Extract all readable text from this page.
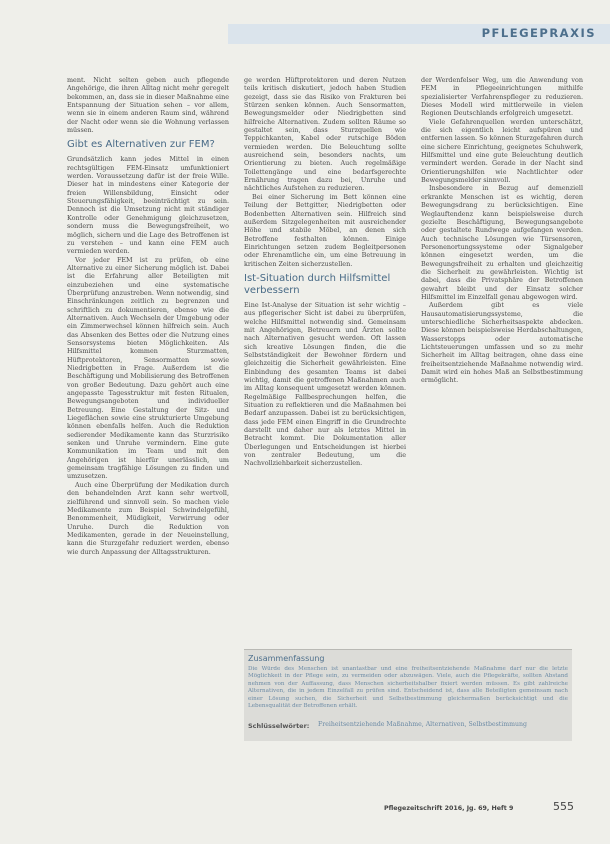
PFLEGEPRAXIS

ment. Nicht selten geben auch pflegende Angehörige, die ihren Alltag nicht mehr geregelt bekommen, an, dass sie in dieser Maßnahme eine Entspannung der Situation sehen – vor allem, wenn sie in einem anderen Raum sind, während der Nacht oder wenn sie die Wohnung verlassen müssen.

Gibt es Alternativen zur FEM?

Grundsätzlich kann jedes Mittel in einen rechtsgültigen FEM-Einsatz umfunktioniert werden. Voraussetzung dafür ist der freie Wille. Dieser hat in mindestens einer Kategorie der freien Willensbildung, Einsicht oder Steuerungsfähigkeit, beeinträchtigt zu sein. Dennoch ist die Umsetzung nicht mit ständiger Kontrolle oder Genehmigung gleichzusetzen, sondern muss die Bewegungsfreiheit, wo möglich, sichern und die Lage des Betroffenen ist zu verstehen – und kann eine FEM auch vermieden werden.

Vor jeder FEM ist zu prüfen, ob eine Alternative zu einer Sicherung möglich ist. Dabei ist die Erfahrung aller Beteiligten mit einzubeziehen und eine systematische Überprüfung anzustreben. Wenn notwendig, sind Einschränkungen zeitlich zu begrenzen und schriftlich zu dokumentieren, ebenso wie die Alternativen. Auch Wechseln der Umgebung oder ein Zimmerwechsel können hilfreich sein. Auch das Absenken des Bettes oder die Nutzung eines Sensorsystems bieten Möglichkeiten. Als Hilfsmittel kommen Sturzmatten, Hüftprotektoren, Sensormatten sowie Niedrigbetten in Frage. Außerdem ist die Beschäftigung und Mobilisierung des Betroffenen von großer Bedeutung. Dazu gehört auch eine angepasste Tagesstruktur mit festen Ritualen, Bewegungsangeboten und individueller Betreuung. Eine Gestaltung der Sitz- und Liegeflächen sowie eine strukturierte Umgebung können ebenfalls helfen. Auch die Reduktion sedierender Medikamente kann das Sturzrisiko senken und Unruhe vermindern. Eine gute Kommunikation im Team und mit den Angehörigen ist hierfür unerlässlich, um gemeinsam tragfähige Lösungen zu finden und umzusetzen.

Auch eine Überprüfung der Medikation durch den behandelnden Arzt kann sehr wertvoll, zielführend und sinnvoll sein. So machen viele Medikamente zum Beispiel Schwindelgefühl, Benommenheit, Müdigkeit, Verwirrung oder Unruhe. Durch die Reduktion von Medikamenten, gerade in der Neueinstellung, kann die Sturzgefahr reduziert werden, ebenso wie durch Anpassung der Alltagsstrukturen.

ge werden Hüftprotektoren und deren Nutzen teils kritisch diskutiert, jedoch haben Studien gezeigt, dass sie das Risiko von Frakturen bei Stürzen senken können. Auch Sensormatten, Bewegungsmelder oder Niedrigbetten sind hilfreiche Alternativen. Zudem sollten Räume so gestaltet sein, dass Sturzquellen wie Teppichkanten, Kabel oder rutschige Böden vermieden werden. Die Beleuchtung sollte ausreichend sein, besonders nachts, um Orientierung zu bieten. Auch regelmäßige Toilettengänge und eine bedarfsgerechte Ernährung tragen dazu bei, Unruhe und nächtliches Aufstehen zu reduzieren.

Bei einer Sicherung im Bett können eine Teilung der Bettgitter, Niedrigbetten oder Bodenbetten Alternativen sein. Hilfreich sind außerdem Sitzgelegenheiten mit ausreichender Höhe und stabile Möbel, an denen sich Betroffene festhalten können. Einige Einrichtungen setzen zudem Begleitpersonen oder Ehrenamtliche ein, um eine Betreuung in kritischen Zeiten sicherzustellen.

Ist-Situation durch Hilfsmittel verbessern

Eine Ist-Analyse der Situation ist sehr wichtig – aus pflegerischer Sicht ist dabei zu überprüfen, welche Hilfsmittel notwendig sind. Gemeinsam mit Angehörigen, Betreuern und Ärzten sollte nach Alternativen gesucht werden. Oft lassen sich kreative Lösungen finden, die die Selbstständigkeit der Bewohner fördern und gleichzeitig die Sicherheit gewährleisten. Eine Einbindung des gesamten Teams ist dabei wichtig, damit die getroffenen Maßnahmen auch im Alltag konsequent umgesetzt werden können. Regelmäßige Fallbesprechungen helfen, die Situation zu reflektieren und die Maßnahmen bei Bedarf anzupassen. Dabei ist zu berücksichtigen, dass jede FEM einen Eingriff in die Grundrechte darstellt und daher nur als letztes Mittel in Betracht kommt. Die Dokumentation aller Überlegungen und Entscheidungen ist hierbei von zentraler Bedeutung, um die Nachvollziehbarkeit sicherzustellen.

der Werdenfelser Weg, um die Anwendung von FEM in Pflegeeinrichtungen mithilfe spezialisierter Verfahrenspfleger zu reduzieren. Dieses Modell wird mittlerweile in vielen Regionen Deutschlands erfolgreich umgesetzt.

Viele Gefahrenquellen werden unterschätzt, die sich eigentlich leicht aufspüren und entfernen lassen. So können Sturzgefahren durch eine sichere Einrichtung, geeignetes Schuhwerk, Hilfsmittel und eine gute Beleuchtung deutlich vermindert werden. Gerade in der Nacht sind Orientierungshilfen wie Nachtlichter oder Bewegungsmelder sinnvoll.

Insbesondere in Bezug auf demenziell erkrankte Menschen ist es wichtig, deren Bewegungsdrang zu berücksichtigen. Eine Weglauftendenz kann beispielsweise durch gezielte Beschäftigung, Bewegungsangebote oder gestaltete Rundwege aufgefangen werden. Auch technische Lösungen wie Türsensoren, Personenortungssysteme oder Signalgeber können eingesetzt werden, um die Bewegungsfreiheit zu erhalten und gleichzeitig die Sicherheit zu gewährleisten. Wichtig ist dabei, dass die Privatsphäre der Betroffenen gewahrt bleibt und der Einsatz solcher Hilfsmittel im Einzelfall genau abgewogen wird.

Außerdem gibt es viele Hausautomatisierungssysteme, die unterschiedliche Sicherheitsaspekte abdecken. Diese können beispielsweise Herdabschaltungen, Wasserstopps oder automatische Lichtsteuerungen umfassen und so zu mehr Sicherheit im Alltag beitragen, ohne dass eine freiheitsentziehende Maßnahme notwendig wird. Damit wird ein hohes Maß an Selbstbestimmung ermöglicht.

Zusammenfassung
Die Würde des Menschen ist unantastbar und eine freiheitsentziehende Maßnahme darf nur die letzte Möglichkeit in der Pflege sein, zu vermeiden oder abzuwägen. Viele, auch die Pflegekräfte, sollten Abstand nehmen von der Auffassung, dass Menschen sicherheitshalber fixiert werden müssen. Es gibt zahlreiche Alternativen, die in jedem Einzelfall zu prüfen sind. Entscheidend ist, dass alle Beteiligten gemeinsam nach einer Lösung suchen, die Sicherheit und Selbstbestimmung gleichermaßen berücksichtigt und die Lebensqualität der Betroffenen erhält.
Schlüsselwörter: Freiheitsentziehende Maßnahme, Alternativen, Selbstbestimmung
Pflegezeitschrift 2016, Jg. 69, Heft 9	555
